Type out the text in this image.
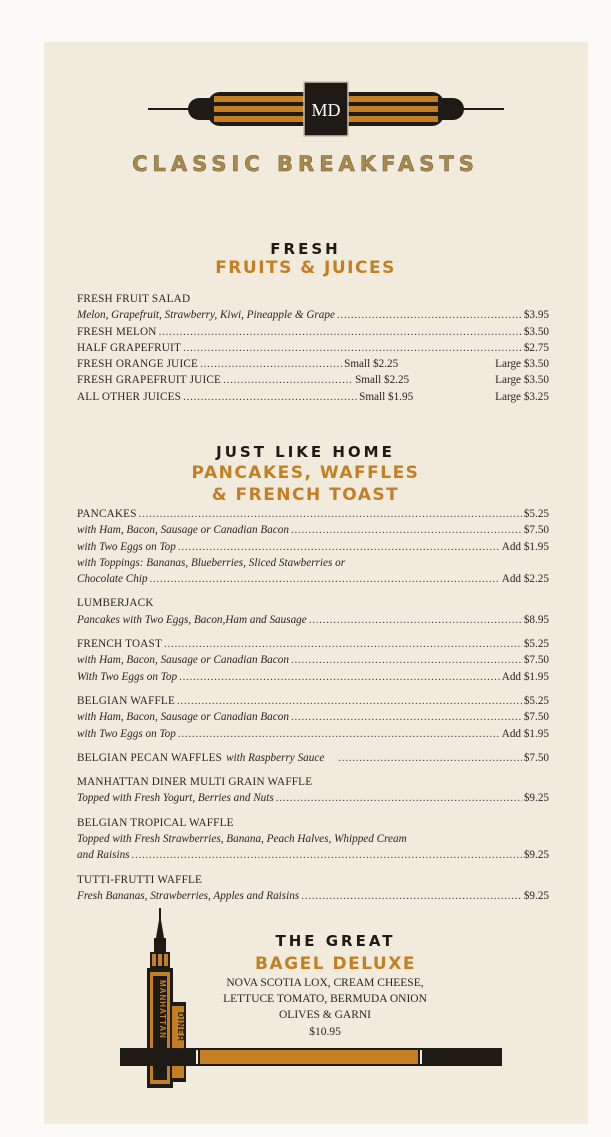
MD
CLASSIC BREAKFASTS
FRESH
FRUITS & JUICES
FRESH FRUIT SALAD
Melon, Grapefruit, Strawberry, Kiwi, Pineapple & Grape . . .	$3.95
FRESH MELON . . .	$3.50
HALF GRAPEFRUIT . . .	$2.75
FRESH ORANGE JUICE . . .	Small $2.25	Large $3.50
FRESH GRAPEFRUIT JUICE . . .	Small $2.25	Large $3.50
ALL OTHER JUICES . . .	Small $1.95	Large $3.25
JUST LIKE HOME
PANCAKES, WAFFLES
& FRENCH TOAST
PANCAKES . . .	$5.25
with Ham, Bacon, Sausage or Canadian Bacon . . .	$7.50
with Two Eggs on Top . . .	Add $1.95
with Toppings: Bananas, Blueberries, Sliced Stawberries or
Chocolate Chip . . .	Add $2.25
LUMBERJACK
Pancakes with Two Eggs, Bacon,Ham and Sausage . . .	$8.95
FRENCH TOAST . . .	$5.25
with Ham, Bacon, Sausage or Canadian Bacon . . .	$7.50
With Two Eggs on Top . . .	Add $1.95
BELGIAN WAFFLE . . .	$5.25
with Ham, Bacon, Sausage or Canadian Bacon . . .	$7.50
with Two Eggs on Top . . .	Add $1.95
BELGIAN PECAN WAFFLES with Raspberry Sauce . . .	$7.50
MANHATTAN DINER MULTI GRAIN WAFFLE
Topped with Fresh Yogurt, Berries and Nuts . . .	$9.25
BELGIAN TROPICAL WAFFLE
Topped with Fresh Strawberries, Banana, Peach Halves, Whipped Cream
and Raisins . . .	$9.25
TUTTI-FRUTTI WAFFLE
Fresh Bananas, Strawberries, Apples and Raisins . . .	$9.25
MANHATTAN DINER
THE GREAT
BAGEL DELUXE
NOVA SCOTIA LOX, CREAM CHEESE,
LETTUCE TOMATO, BERMUDA ONION
OLIVES & GARNI
$10.95
